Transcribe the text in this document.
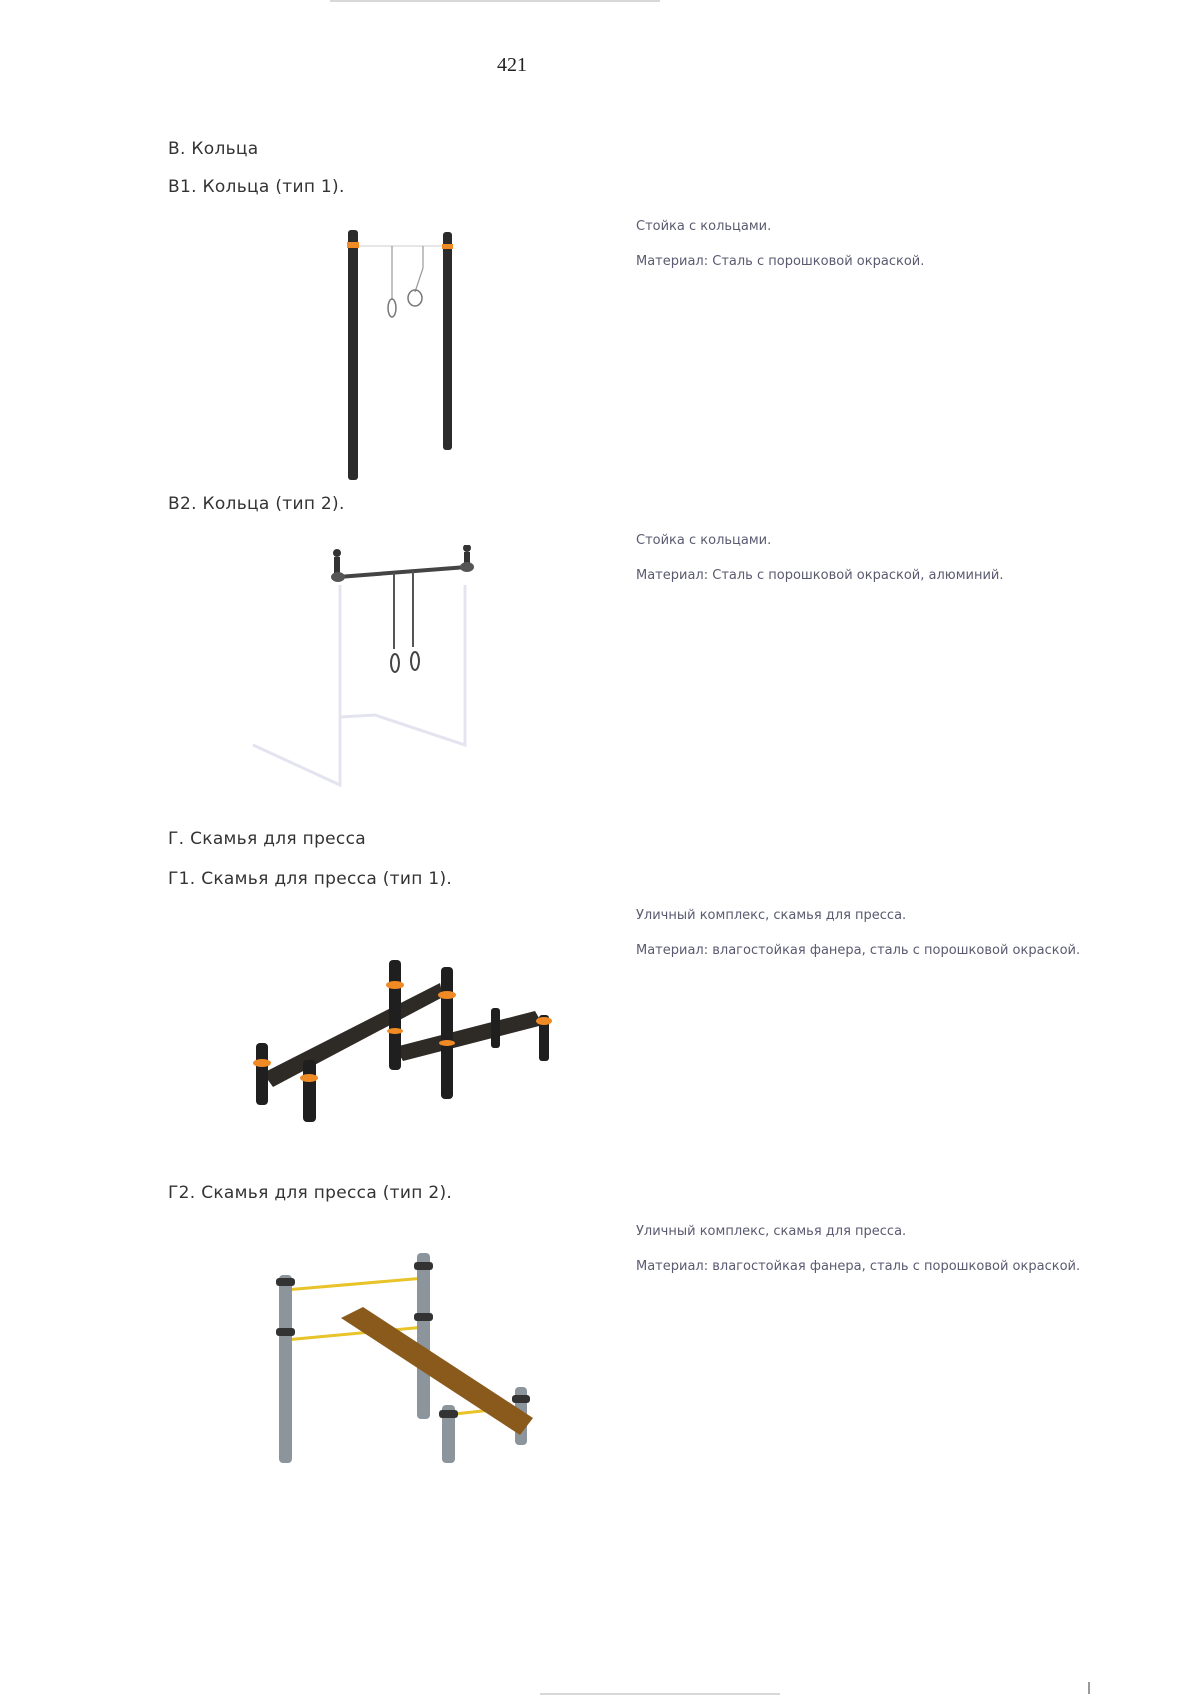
421
В. Кольца
В1. Кольца (тип 1).

Стойка с кольцами.

Материал: Сталь с порошковой окраской.

В2. Кольца (тип 2).

Стойка с кольцами.

Материал: Сталь с порошковой окраской, алюминий.

Г. Скамья для пресса
Г1. Скамья для пресса (тип 1).

Уличный комплекс, скамья для пресса.

Материал: влагостойкая фанера, сталь с порошковой окраской.

Г2. Скамья для пресса (тип 2).

Уличный комплекс, скамья для пресса.

Материал: влагостойкая фанера, сталь с порошковой окраской.
